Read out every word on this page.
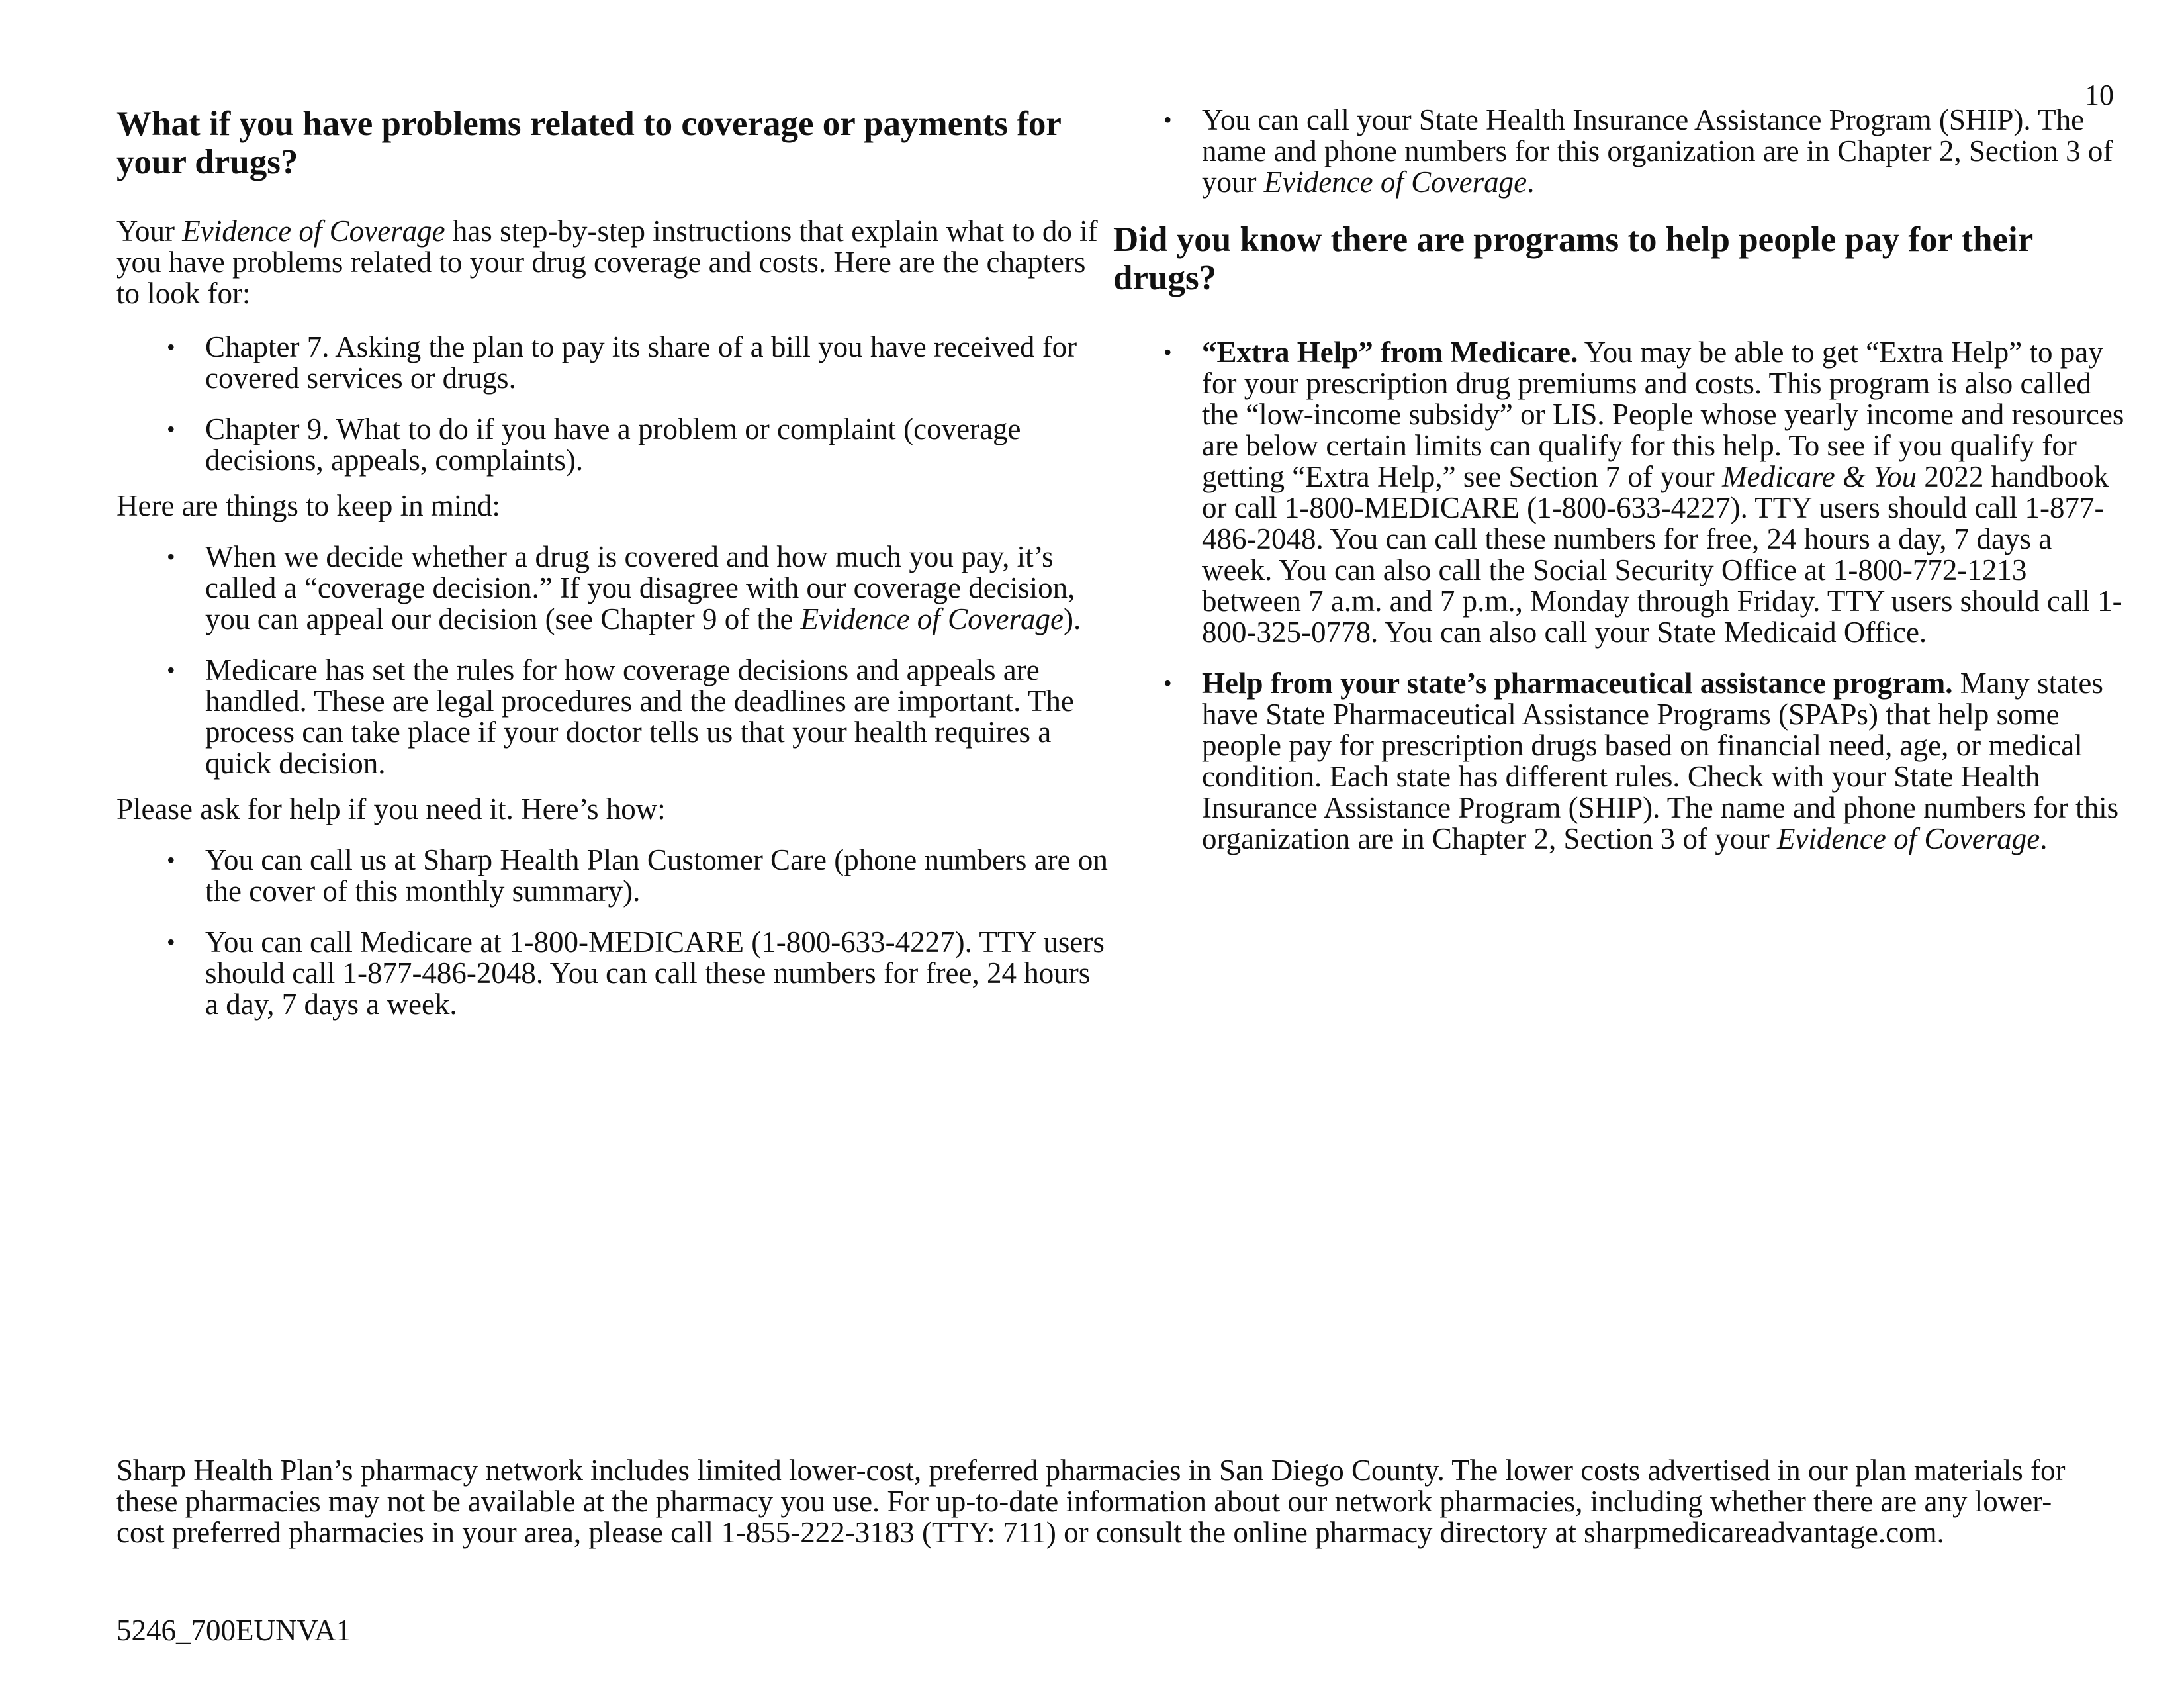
10
What if you have problems related to coverage or payments for your drugs?

Your Evidence of Coverage has step-by-step instructions that explain what to do if you have problems related to your drug coverage and costs. Here are the chapters to look for:

• Chapter 7. Asking the plan to pay its share of a bill you have received for covered services or drugs.
• Chapter 9. What to do if you have a problem or complaint (coverage decisions, appeals, complaints).

Here are things to keep in mind:

• When we decide whether a drug is covered and how much you pay, it’s called a “coverage decision.” If you disagree with our coverage decision, you can appeal our decision (see Chapter 9 of the Evidence of Coverage).
• Medicare has set the rules for how coverage decisions and appeals are handled. These are legal procedures and the deadlines are important. The process can take place if your doctor tells us that your health requires a quick decision.

Please ask for help if you need it. Here’s how:

• You can call us at Sharp Health Plan Customer Care (phone numbers are on the cover of this monthly summary).
• You can call Medicare at 1-800-MEDICARE (1-800-633-4227). TTY users should call 1-877-486-2048. You can call these numbers for free, 24 hours a day, 7 days a week.
• You can call your State Health Insurance Assistance Program (SHIP). The name and phone numbers for this organization are in Chapter 2, Section 3 of your Evidence of Coverage.
Did you know there are programs to help people pay for their drugs?
• “Extra Help” from Medicare. You may be able to get “Extra Help” to pay for your prescription drug premiums and costs. This program is also called the “low-income subsidy” or LIS. People whose yearly income and resources are below certain limits can qualify for this help. To see if you qualify for getting “Extra Help,” see Section 7 of your Medicare & You 2022 handbook or call 1-800-MEDICARE (1-800-633-4227). TTY users should call 1-877-486-2048. You can call these numbers for free, 24 hours a day, 7 days a week. You can also call the Social Security Office at 1-800-772-1213 between 7 a.m. and 7 p.m., Monday through Friday. TTY users should call 1-800-325-0778. You can also call your State Medicaid Office.
• Help from your state’s pharmaceutical assistance program. Many states have State Pharmaceutical Assistance Programs (SPAPs) that help some people pay for prescription drugs based on financial need, age, or medical condition. Each state has different rules. Check with your State Health Insurance Assistance Program (SHIP). The name and phone numbers for this organization are in Chapter 2, Section 3 of your Evidence of Coverage.

Sharp Health Plan’s pharmacy network includes limited lower-cost, preferred pharmacies in San Diego County. The lower costs advertised in our plan materials for these pharmacies may not be available at the pharmacy you use. For up-to-date information about our network pharmacies, including whether there are any lower-cost preferred pharmacies in your area, please call 1-855-222-3183 (TTY: 711) or consult the online pharmacy directory at sharpmedicareadvantage.com.

5246_700EUNVA1
